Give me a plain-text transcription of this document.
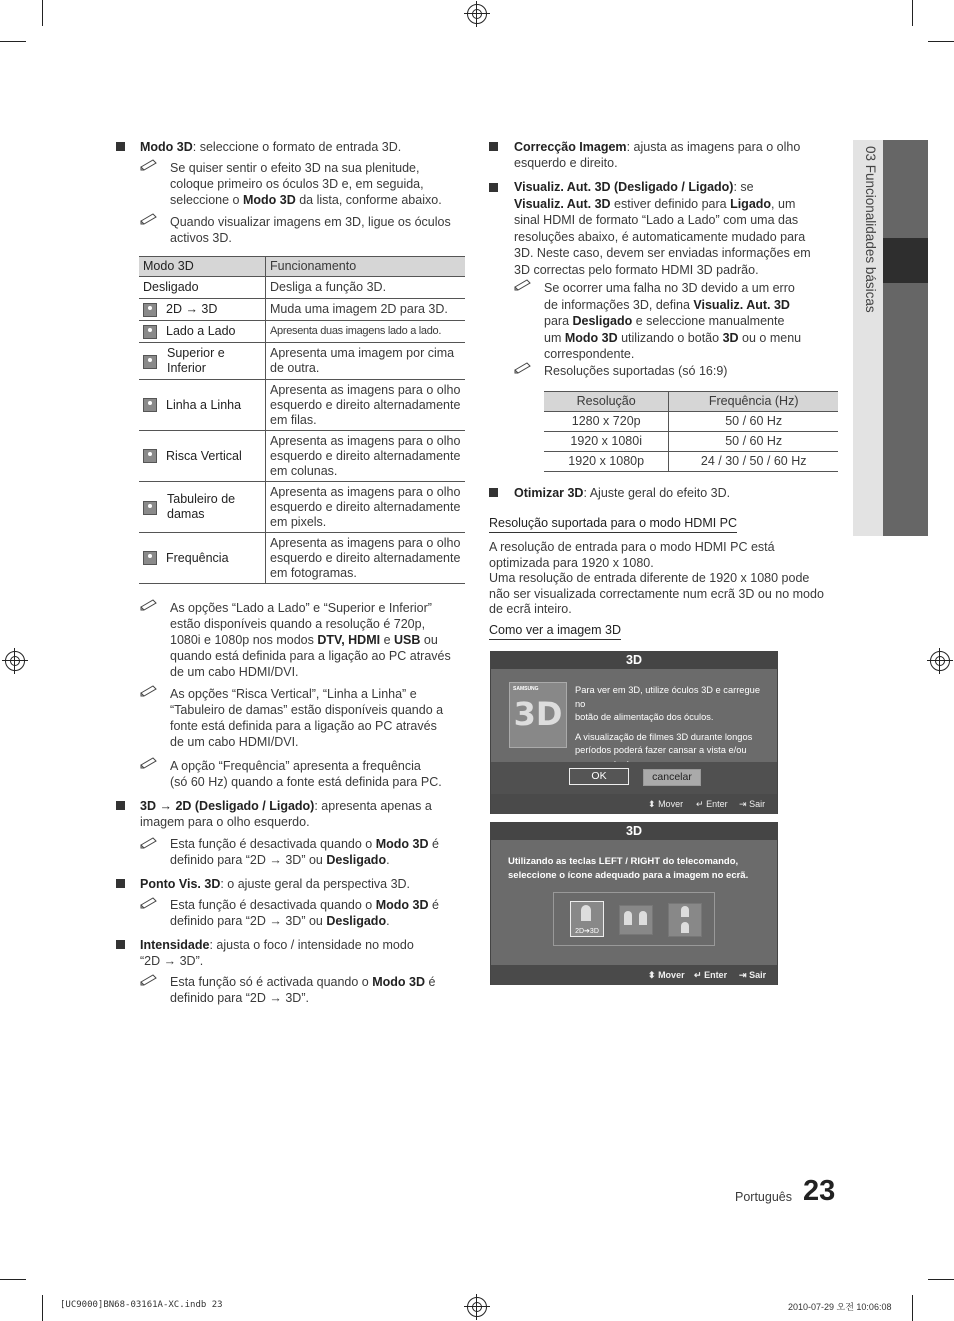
03 Funcionalidades básicas
Modo 3D: seleccione o formato de entrada 3D.
Se quiser sentir o efeito 3D na sua plenitude,
coloque primeiro os óculos 3D e, em seguida,
seleccione o Modo 3D da lista, conforme abaixo.
Quando visualizar imagens em 3D, ligue os óculos
activos 3D.
Modo 3D	Funcionamento
Desligado	Desliga a função 3D.
2D → 3D	Muda uma imagem 2D para 3D.
Lado a Lado	Apresenta duas imagens lado a lado.

Superior e Inferior	Apresenta uma imagem por cima de outra.
Linha a Linha	Apresenta as imagens para o olho esquerdo e direito alternadamente em filas.
Risca Vertical	Apresenta as imagens para o olho esquerdo e direito alternadamente em colunas.

Tabuleiro de damas	Apresenta as imagens para o olho esquerdo e direito alternadamente em pixels.
Frequência	Apresenta as imagens para o olho esquerdo e direito alternadamente em fotogramas.
As opções “Lado a Lado” e “Superior e Inferior”
estão disponíveis quando a resolução é 720p,
1080i e 1080p nos modos DTV, HDMI e USB ou
quando está definida para a ligação ao PC através
de um cabo HDMI/DVI.
As opções “Risca Vertical”, “Linha a Linha” e
“Tabuleiro de damas” estão disponíveis quando a
fonte está definida para a ligação ao PC através
de um cabo HDMI/DVI.
A opção “Frequência” apresenta a frequência
(só 60 Hz) quando a fonte está definida para PC.
3D → 2D (Desligado / Ligado): apresenta apenas a
imagem para o olho esquerdo.
Esta função é desactivada quando o Modo 3D é
definido para “2D → 3D” ou Desligado.
Ponto Vis. 3D: o ajuste geral da perspectiva 3D.
Esta função é desactivada quando o Modo 3D é
definido para “2D → 3D” ou Desligado.
Intensidade: ajusta o foco / intensidade no modo
“2D → 3D”.
Esta função só é activada quando o Modo 3D é
definido para “2D → 3D”.
Correcção Imagem: ajusta as imagens para o olho
esquerdo e direito.
Visualiz. Aut. 3D (Desligado / Ligado): se
Visualiz. Aut. 3D estiver definido para Ligado, um
sinal HDMI de formato “Lado a Lado” com uma das
resoluções abaixo, é automaticamente mudado para
3D. Neste caso, devem ser enviadas informações em
3D correctas pelo formato HDMI 3D padrão.
Se ocorrer uma falha no 3D devido a um erro
de informações 3D, defina Visualiz. Aut. 3D
para Desligado e seleccione manualmente
um Modo 3D utilizando o botão 3D ou o menu
correspondente.
Resoluções suportadas (só 16:9)
Resolução	Frequência (Hz)
1280 x 720p	50 / 60 Hz
1920 x 1080i	50 / 60 Hz
1920 x 1080p	24 / 30 / 50 / 60 Hz
Otimizar 3D: Ajuste geral do efeito 3D.
Resolução suportada para o modo HDMI PC
A resolução de entrada para o modo HDMI PC está
optimizada para 1920 x 1080.
Uma resolução de entrada diferente de 1920 x 1080 pode
não ser visualizada correctamente num ecrã 3D ou no modo
de ecrã inteiro.
Como ver a imagem 3D
3D
3D
SAMSUNG	Para ver em 3D, utilize óculos 3D e carregue no
botão de alimentação dos óculos.
A visualização de filmes 3D durante longos
períodos poderá fazer cansar a vista e/ou
OK	cancelar
⬍ Mover ↵ Enter ⇥ Sair
3D
Utilizando as teclas LEFT / RIGHT do telecomando,
seleccione o ícone adequado para a imagem no ecrã.
2D➔3D
⬍ Mover ↵ Enter ⇥ Sair
Português 23
[UC9000]BN68-03161A-XC.indb 23	2010-07-29 오전 10:06:08
